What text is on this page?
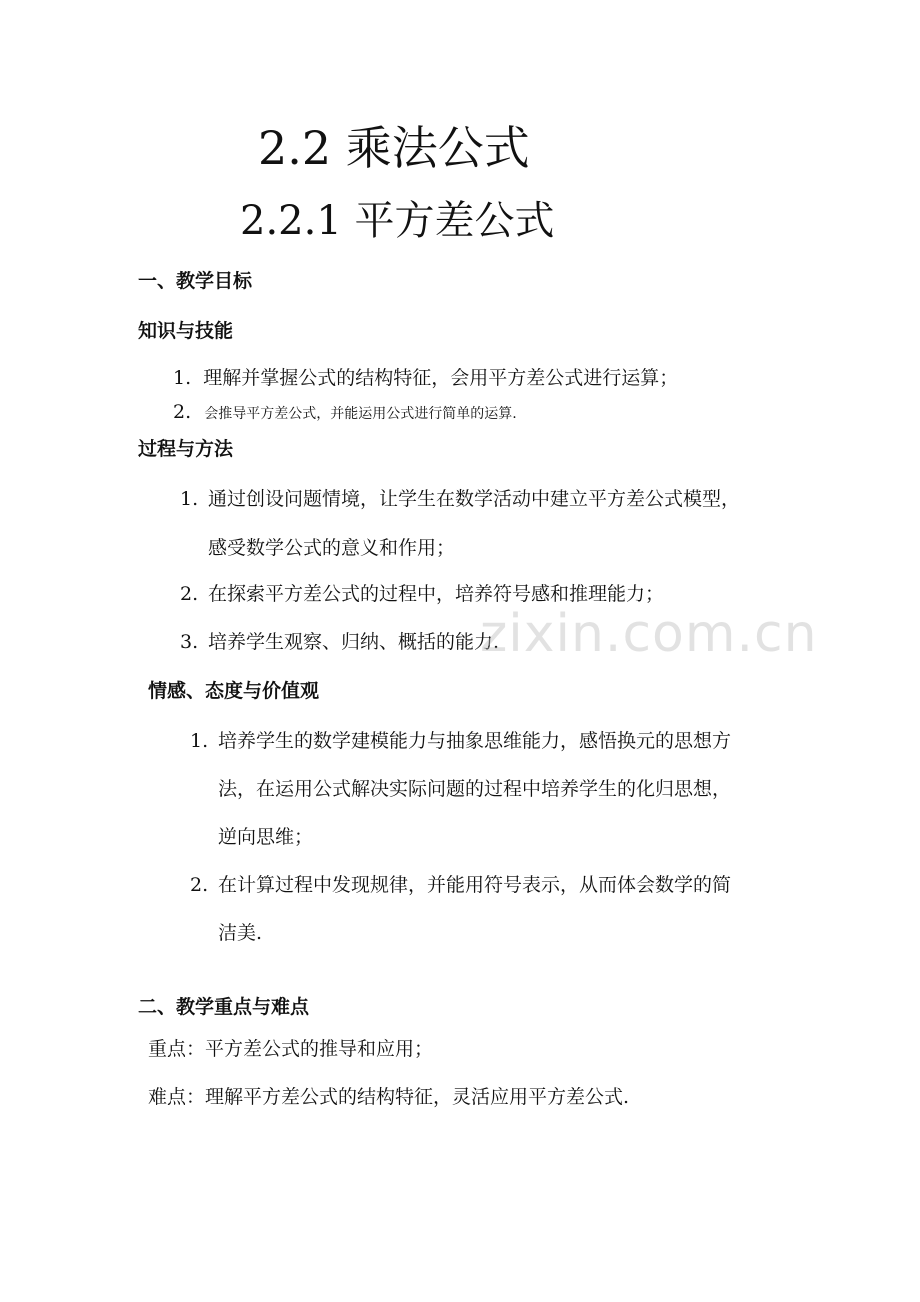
2.2 乘法公式
2.2.1 平方差公式
一、教学目标
知识与技能
1. 理解并掌握公式的结构特征，会用平方差公式进行运算；
2. 会推导平方差公式，并能运用公式进行简单的运算.
过程与方法
1. 通过创设问题情境，让学生在数学活动中建立平方差公式模型，
感受数学公式的意义和作用；
2. 在探索平方差公式的过程中，培养符号感和推理能力；
3. 培养学生观察、归纳、概括的能力.
情感、态度与价值观
1. 培养学生的数学建模能力与抽象思维能力，感悟换元的思想方
法，在运用公式解决实际问题的过程中培养学生的化归思想，
逆向思维；
2. 在计算过程中发现规律，并能用符号表示，从而体会数学的简
洁美.
二、教学重点与难点
重点：平方差公式的推导和应用；
难点：理解平方差公式的结构特征，灵活应用平方差公式.
zixin.com.cn
